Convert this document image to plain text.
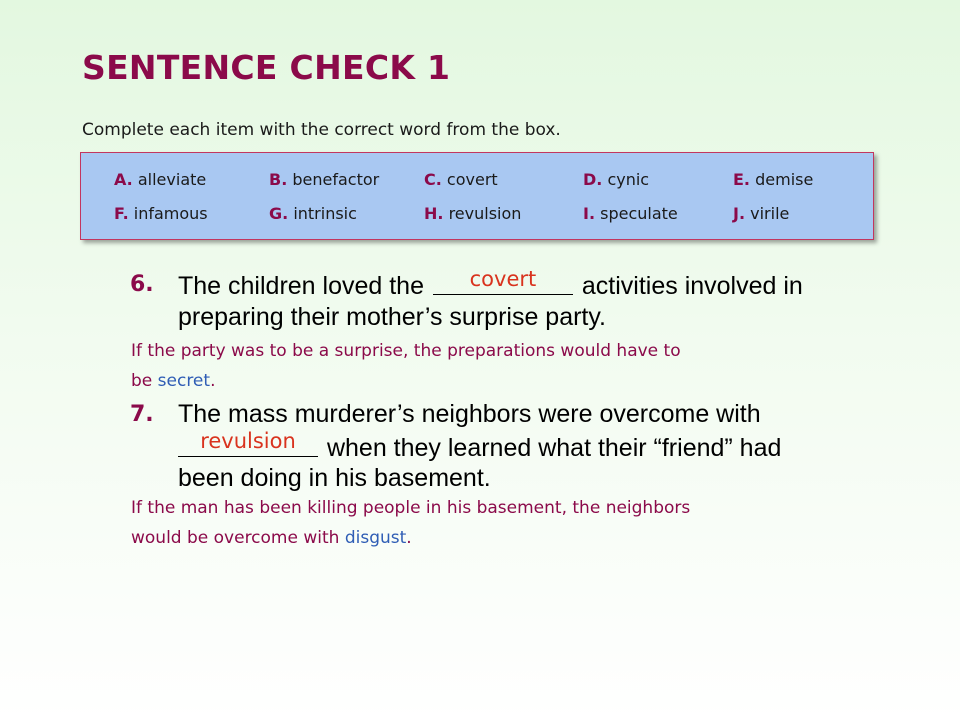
SENTENCE CHECK 1
Complete each item with the correct word from the box.
A. alleviate	B. benefactor	C. covert	D. cynic	E. demise
F. infamous	G. intrinsic	H. revulsion	I. speculate	J. virile
6. The children loved the	covert	activities involved in
preparing their mother’s surprise party.
If the party was to be a surprise, the preparations would have to
be secret.
7. The mass murderer’s neighbors were overcome with
revulsion	when they learned what their “friend” had
been doing in his basement.
If the man has been killing people in his basement, the neighbors
would be overcome with disgust.
